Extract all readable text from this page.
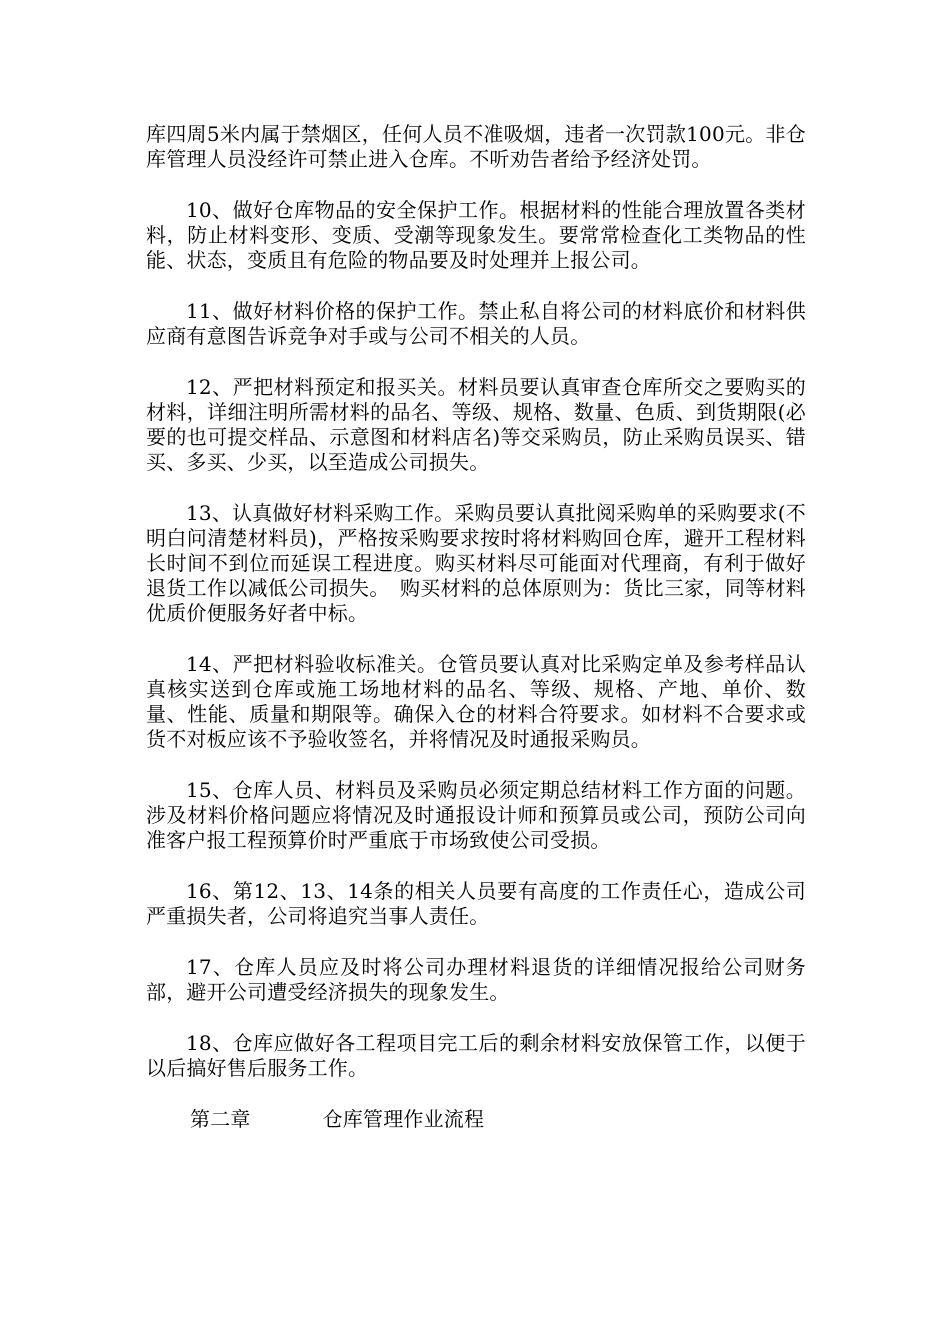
库四周5米内属于禁烟区，任何人员不准吸烟，违者一次罚款100元。非仓库管理人员没经许可禁止进入仓库。不听劝告者给予经济处罚。

10、做好仓库物品的安全保护工作。根据材料的性能合理放置各类材料，防止材料变形、变质、受潮等现象发生。要常常检查化工类物品的性能、状态，变质且有危险的物品要及时处理并上报公司。

11、做好材料价格的保护工作。禁止私自将公司的材料底价和材料供应商有意图告诉竞争对手或与公司不相关的人员。

12、严把材料预定和报买关。材料员要认真审查仓库所交之要购买的材料，详细注明所需材料的品名、等级、规格、数量、色质、到货期限(必要的也可提交样品、示意图和材料店名)等交采购员，防止采购员误买、错买、多买、少买，以至造成公司损失。

13、认真做好材料采购工作。采购员要认真批阅采购单的采购要求(不明白问清楚材料员)，严格按采购要求按时将材料购回仓库，避开工程材料长时间不到位而延误工程进度。购买材料尽可能面对代理商，有利于做好退货工作以减低公司损失。　购买材料的总体原则为：货比三家，同等材料优质价便服务好者中标。

14、严把材料验收标准关。仓管员要认真对比采购定单及参考样品认真核实送到仓库或施工场地材料的品名、等级、规格、产地、单价、数量、性能、质量和期限等。确保入仓的材料合符要求。如材料不合要求或货不对板应该不予验收签名，并将情况及时通报采购员。

15、仓库人员、材料员及采购员必须定期总结材料工作方面的问题。涉及材料价格问题应将情况及时通报设计师和预算员或公司，预防公司向准客户报工程预算价时严重底于市场致使公司受损。

16、第12、13、14条的相关人员要有高度的工作责任心，造成公司严重损失者，公司将追究当事人责任。

17、仓库人员应及时将公司办理材料退货的详细情况报给公司财务部，避开公司遭受经济损失的现象发生。

18、仓库应做好各工程项目完工后的剩余材料安放保管工作，以便于以后搞好售后服务工作。

第二章	仓库管理作业流程
